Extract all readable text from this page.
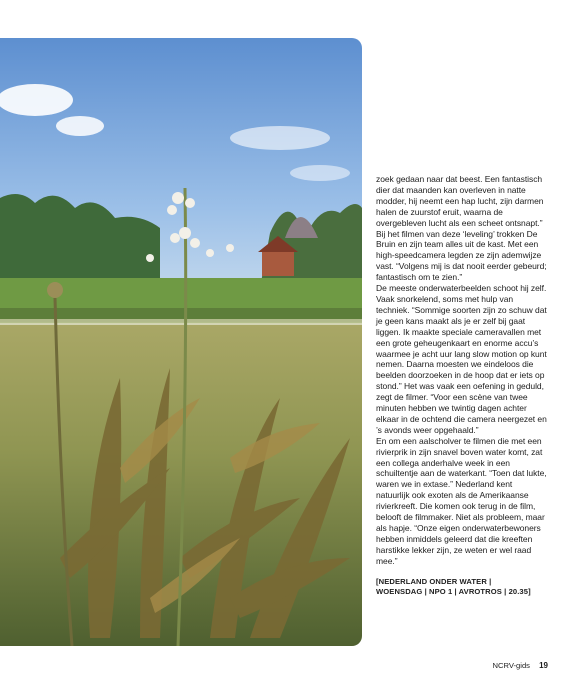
zoek gedaan naar dat beest. Een fantastisch dier dat maanden kan overleven in natte modder, hij neemt een hap lucht, zijn darmen halen de zuurstof eruit, waarna de overgebleven lucht als een scheet ontsnapt.” Bij het filmen van deze ‘leveling’ trokken De Bruin en zijn team alles uit de kast. Met een high-speedcamera legden ze zijn ademwijze vast. “Volgens mij is dat nooit eerder gebeurd; fantastisch om te zien.”

De meeste onderwaterbeelden schoot hij zelf. Vaak snorkelend, soms met hulp van techniek. “Sommige soorten zijn zo schuw dat je geen kans maakt als je er zelf bij gaat liggen. Ik maakte speciale cameravallen met een grote geheugenkaart en enorme accu’s waarmee je acht uur lang slow motion op kunt nemen. Daarna moesten we eindeloos die beelden doorzoeken in de hoop dat er iets op stond.” Het was vaak een oefening in geduld, zegt de filmer. “Voor een scène van twee minuten hebben we twintig dagen achter elkaar in de ochtend die camera neergezet en ’s avonds weer opgehaald.”

En om een aalscholver te filmen die met een rivierprik in zijn snavel boven water komt, zat een collega anderhalve week in een schuiltentje aan de waterkant. “Toen dat lukte, waren we in extase.” Nederland kent natuurlijk ook exoten als de Amerikaanse rivierkreeft. Die komen ook terug in de film, belooft de filmmaker. Niet als probleem, maar als hapje. “Onze eigen onderwaterbewoners hebben inmiddels geleerd dat die kreeften harstikke lekker zijn, ze weten er wel raad mee.”

[NEDERLAND ONDER WATER |
WOENSDAG | NPO 1 | AVROTROS | 20.35]
NCRV-gids 19
